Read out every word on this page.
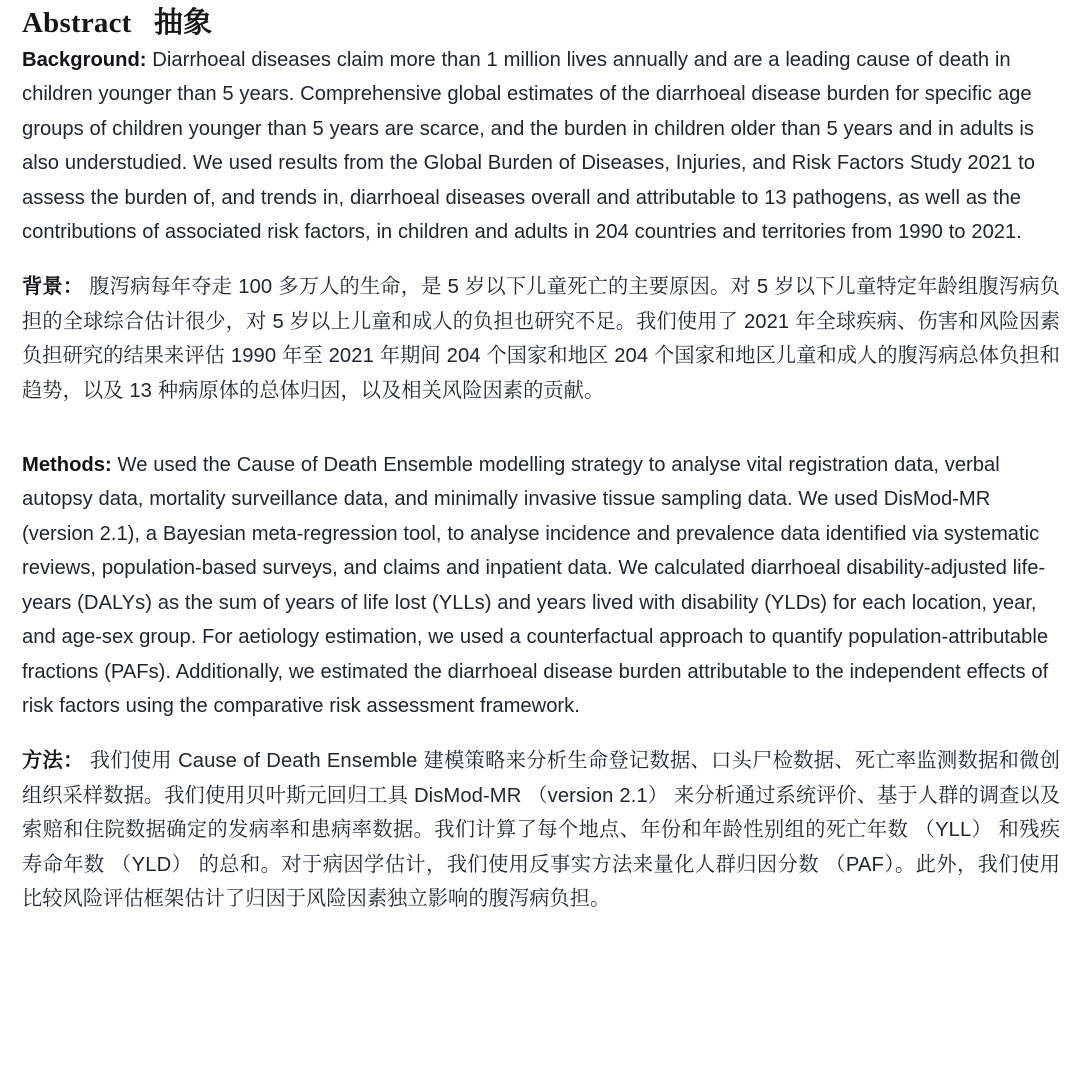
Abstract   抽象

Background: Diarrhoeal diseases claim more than 1 million lives annually and are a leading cause of death in children younger than 5 years. Comprehensive global estimates of the diarrhoeal disease burden for specific age groups of children younger than 5 years are scarce, and the burden in children older than 5 years and in adults is also understudied. We used results from the Global Burden of Diseases, Injuries, and Risk Factors Study 2021 to assess the burden of, and trends in, diarrhoeal diseases overall and attributable to 13 pathogens, as well as the contributions of associated risk factors, in children and adults in 204 countries and territories from 1990 to 2021.

背景： 腹泻病每年夺走 100 多万人的生命，是 5 岁以下儿童死亡的主要原因。对 5 岁以下儿童特定年龄组腹泻病负担的全球综合估计很少，对 5 岁以上儿童和成人的负担也研究不足。我们使用了 2021 年全球疾病、伤害和风险因素负担研究的结果来评估 1990 年至 2021 年期间 204 个国家和地区 204 个国家和地区儿童和成人的腹泻病总体负担和趋势，以及 13 种病原体的总体归因，以及相关风险因素的贡献。

Methods: We used the Cause of Death Ensemble modelling strategy to analyse vital registration data, verbal autopsy data, mortality surveillance data, and minimally invasive tissue sampling data. We used DisMod-MR (version 2.1), a Bayesian meta-regression tool, to analyse incidence and prevalence data identified via systematic reviews, population-based surveys, and claims and inpatient data. We calculated diarrhoeal disability-adjusted life-years (DALYs) as the sum of years of life lost (YLLs) and years lived with disability (YLDs) for each location, year, and age-sex group. For aetiology estimation, we used a counterfactual approach to quantify population-attributable fractions (PAFs). Additionally, we estimated the diarrhoeal disease burden attributable to the independent effects of risk factors using the comparative risk assessment framework.

方法： 我们使用 Cause of Death Ensemble 建模策略来分析生命登记数据、口头尸检数据、死亡率监测数据和微创组织采样数据。我们使用贝叶斯元回归工具 DisMod-MR （version 2.1） 来分析通过系统评价、基于人群的调查以及索赔和住院数据确定的发病率和患病率数据。我们计算了每个地点、年份和年龄性别组的死亡年数 （YLL） 和残疾寿命年数 （YLD） 的总和。对于病因学估计，我们使用反事实方法来量化人群归因分数 （PAF）。此外，我们使用比较风险评估框架估计了归因于风险因素独立影响的腹泻病负担。
